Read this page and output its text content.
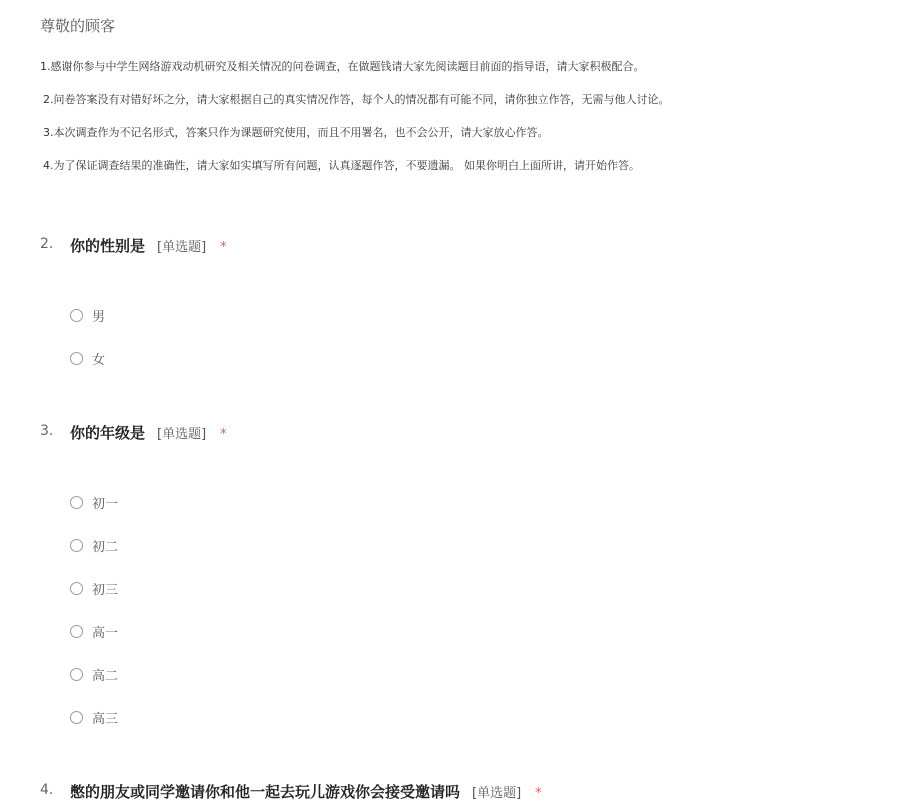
尊敬的顾客
1.感谢你参与中学生网络游戏动机研究及相关情况的问卷调查，在做题钱请大家先阅读题目前面的指导语，请大家积极配合。
2.问卷答案没有对错好坏之分，请大家根据自己的真实情况作答，每个人的情况都有可能不同，请你独立作答，无需与他人讨论。
3.本次调查作为不记名形式，答案只作为课题研究使用，而且不用署名，也不会公开，请大家放心作答。
4.为了保证调查结果的准确性，请大家如实填写所有问题，认真逐题作答，不要遗漏。 如果你明白上面所讲，请开始作答。
2. 你的性别是 [单选题] *
男
女
3. 你的年级是 [单选题] *
初一
初二
初三
高一
高二
高三
4. 憋的朋友或同学邀请你和他一起去玩儿游戏你会接受邀请吗 [单选题] *
